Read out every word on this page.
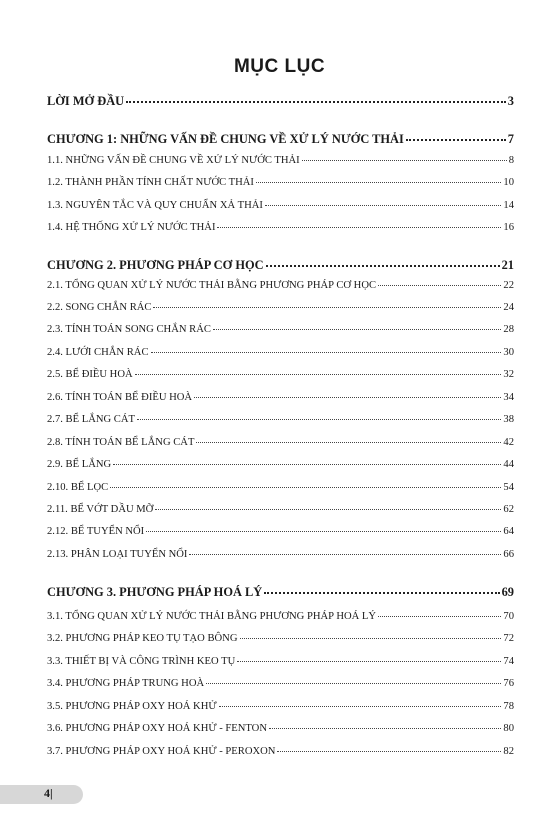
MỤC LỤC
LỜI MỞ ĐẦU	3
CHƯƠNG 1: NHỮNG VẤN ĐỀ CHUNG VỀ XỬ LÝ NƯỚC THẢI	7
1.1. NHỮNG VẤN ĐỀ CHUNG VỀ XỬ LÝ NƯỚC THẢI	8
1.2. THÀNH PHẦN TÍNH CHẤT NƯỚC THẢI	10
1.3. NGUYÊN TẮC VÀ QUY CHUẨN XẢ THẢI	14
1.4. HỆ THỐNG XỬ LÝ NƯỚC THẢI	16
CHƯƠNG 2. PHƯƠNG PHÁP CƠ HỌC	21
2.1. TỔNG QUAN XỬ LÝ NƯỚC THẢI BẰNG PHƯƠNG PHÁP CƠ HỌC	22
2.2. SONG CHẮN RÁC	24
2.3. TÍNH TOÁN SONG CHẮN RÁC	28
2.4. LƯỚI CHẮN RÁC	30
2.5. BỂ ĐIỀU HOÀ	32
2.6. TÍNH TOÁN BỂ ĐIỀU HOÀ	34
2.7. BỂ LẮNG CÁT	38
2.8. TÍNH TOÁN BỂ LẮNG CÁT	42
2.9. BỂ LẮNG	44
2.10. BỂ LỌC	54
2.11. BỂ VỚT DẦU MỠ	62
2.12. BỂ TUYỂN NỔI	64
2.13. PHÂN LOẠI TUYỂN NỔI	66
CHƯƠNG 3. PHƯƠNG PHÁP HOÁ LÝ	69
3.1. TỔNG QUAN XỬ LÝ NƯỚC THẢI BẰNG PHƯƠNG PHÁP HOÁ LÝ	70
3.2. PHƯƠNG PHÁP KEO TỤ TẠO BÔNG	72
3.3. THIẾT BỊ VÀ CÔNG TRÌNH KEO TỤ	74
3.4. PHƯƠNG PHÁP TRUNG HOÀ	76
3.5. PHƯƠNG PHÁP OXY HOÁ KHỬ	78
3.6. PHƯƠNG PHÁP OXY HOÁ KHỬ - FENTON	80
3.7. PHƯƠNG PHÁP OXY HOÁ KHỬ - PEROXON	82
4|
